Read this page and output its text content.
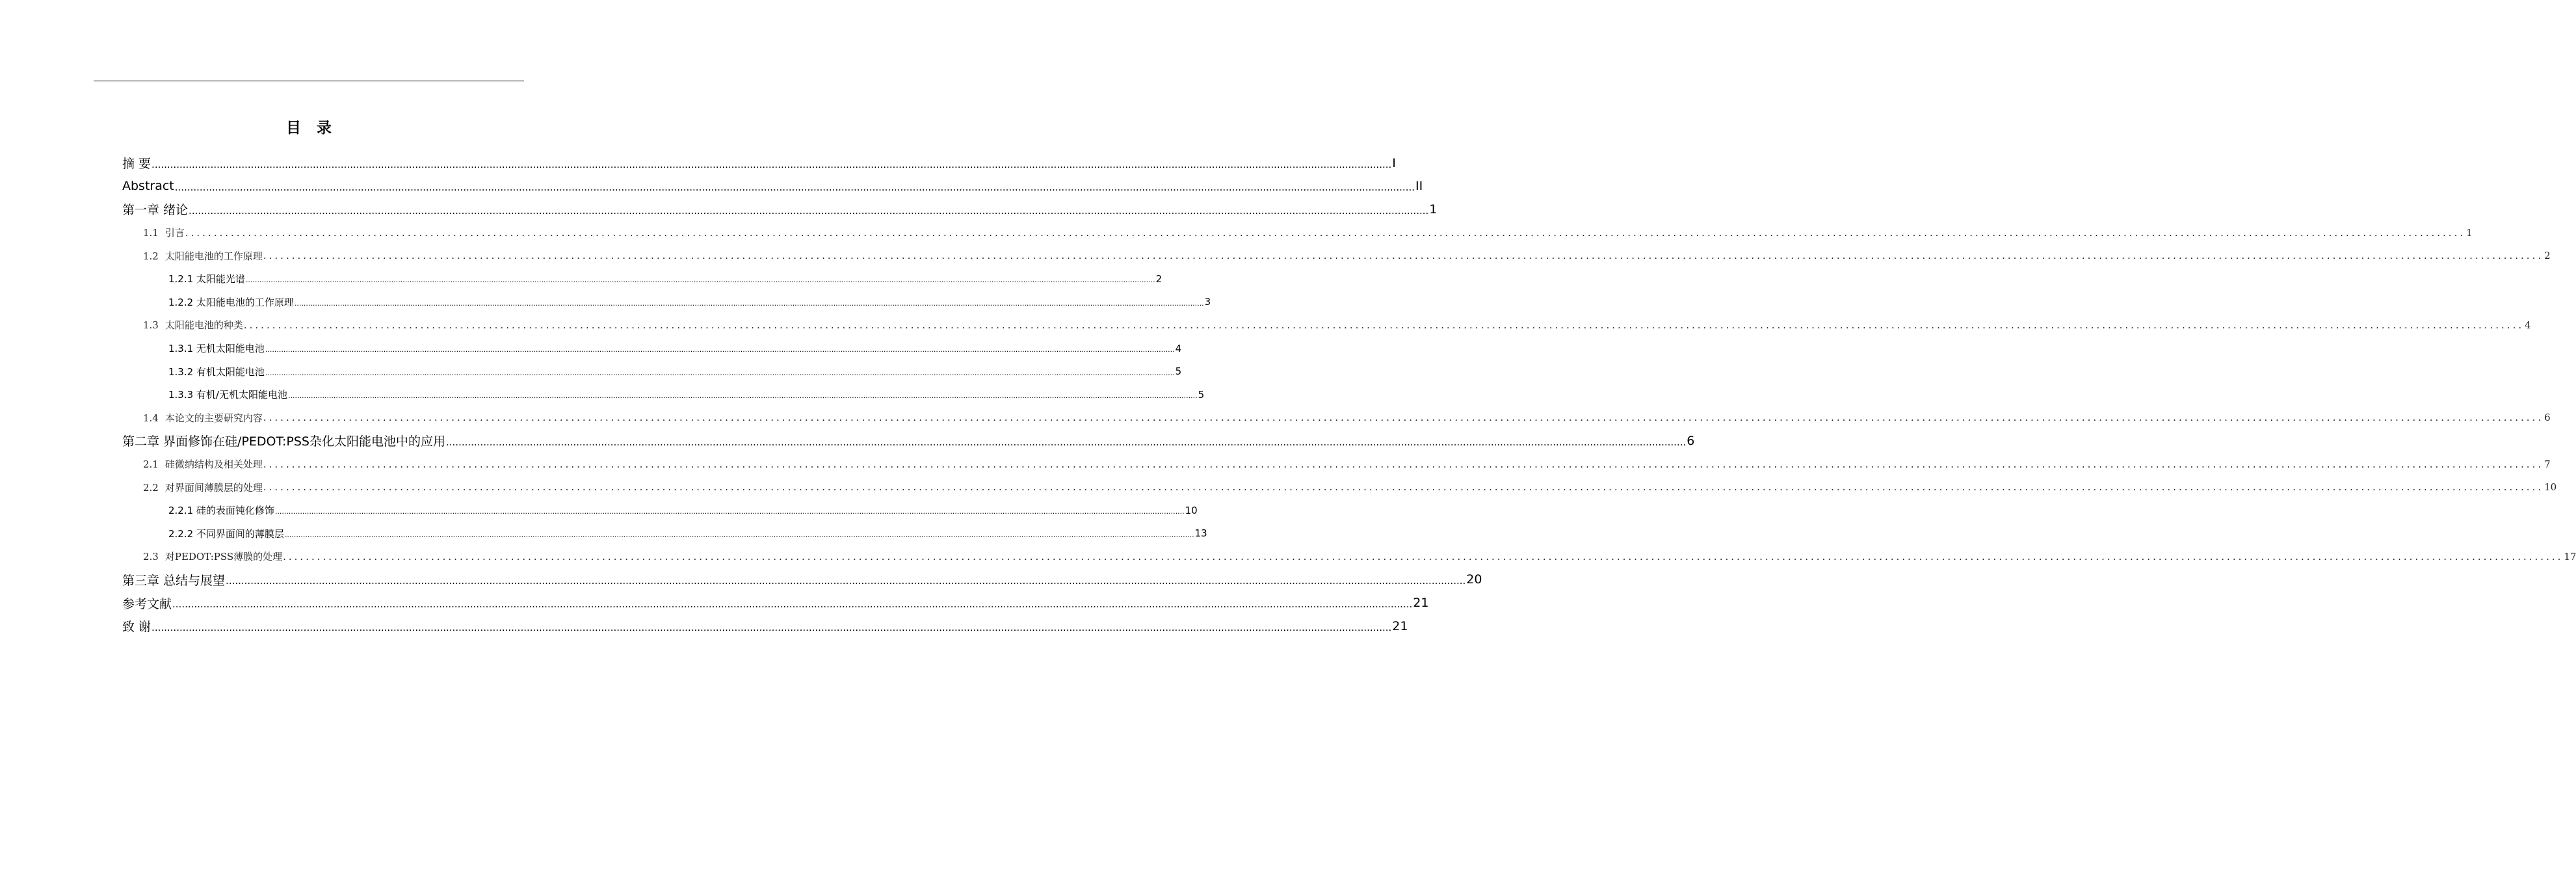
目 录
摘 要 ................................................................................................................................................................................................................................................................................................................................................................................................................ I
Abstract ................................................................................................................................................................................................................................................................................................................................................................................................................ II
第一章 绪论 ................................................................................................................................................................................................................................................................................................................................................................................................................ 1
1.1 引言 ................................................................................................................................................................................................................................................................................................................................................................................................................ 1
1.2 太阳能电池的工作原理 ................................................................................................................................................................................................................................................................................................................................................................................................................ 2
1.2.1 太阳能光谱 ................................................................................................................................................................................................................................................................................................................................................................................................................ 2
1.2.2 太阳能电池的工作原理 ................................................................................................................................................................................................................................................................................................................................................................................................................ 3
1.3 太阳能电池的种类 ................................................................................................................................................................................................................................................................................................................................................................................................................ 4
1.3.1 无机太阳能电池 ................................................................................................................................................................................................................................................................................................................................................................................................................ 4
1.3.2 有机太阳能电池 ................................................................................................................................................................................................................................................................................................................................................................................................................ 5
1.3.3 有机/无机太阳能电池 ................................................................................................................................................................................................................................................................................................................................................................................................................ 5
1.4 本论文的主要研究内容 ................................................................................................................................................................................................................................................................................................................................................................................................................ 6
第二章 界面修饰在硅/PEDOT:PSS杂化太阳能电池中的应用 ................................................................................................................................................................................................................................................................................................................................................................................................................ 6
2.1 硅微纳结构及相关处理 ................................................................................................................................................................................................................................................................................................................................................................................................................ 7
2.2 对界面间薄膜层的处理 ................................................................................................................................................................................................................................................................................................................................................................................................................ 10
2.2.1 硅的表面钝化修饰 ................................................................................................................................................................................................................................................................................................................................................................................................................ 10
2.2.2 不同界面间的薄膜层 ................................................................................................................................................................................................................................................................................................................................................................................................................ 13
2.3 对PEDOT:PSS薄膜的处理 ................................................................................................................................................................................................................................................................................................................................................................................................................ 17
第三章 总结与展望 ................................................................................................................................................................................................................................................................................................................................................................................................................ 20
参考文献 ................................................................................................................................................................................................................................................................................................................................................................................................................ 21
致 谢 ................................................................................................................................................................................................................................................................................................................................................................................................................ 21
